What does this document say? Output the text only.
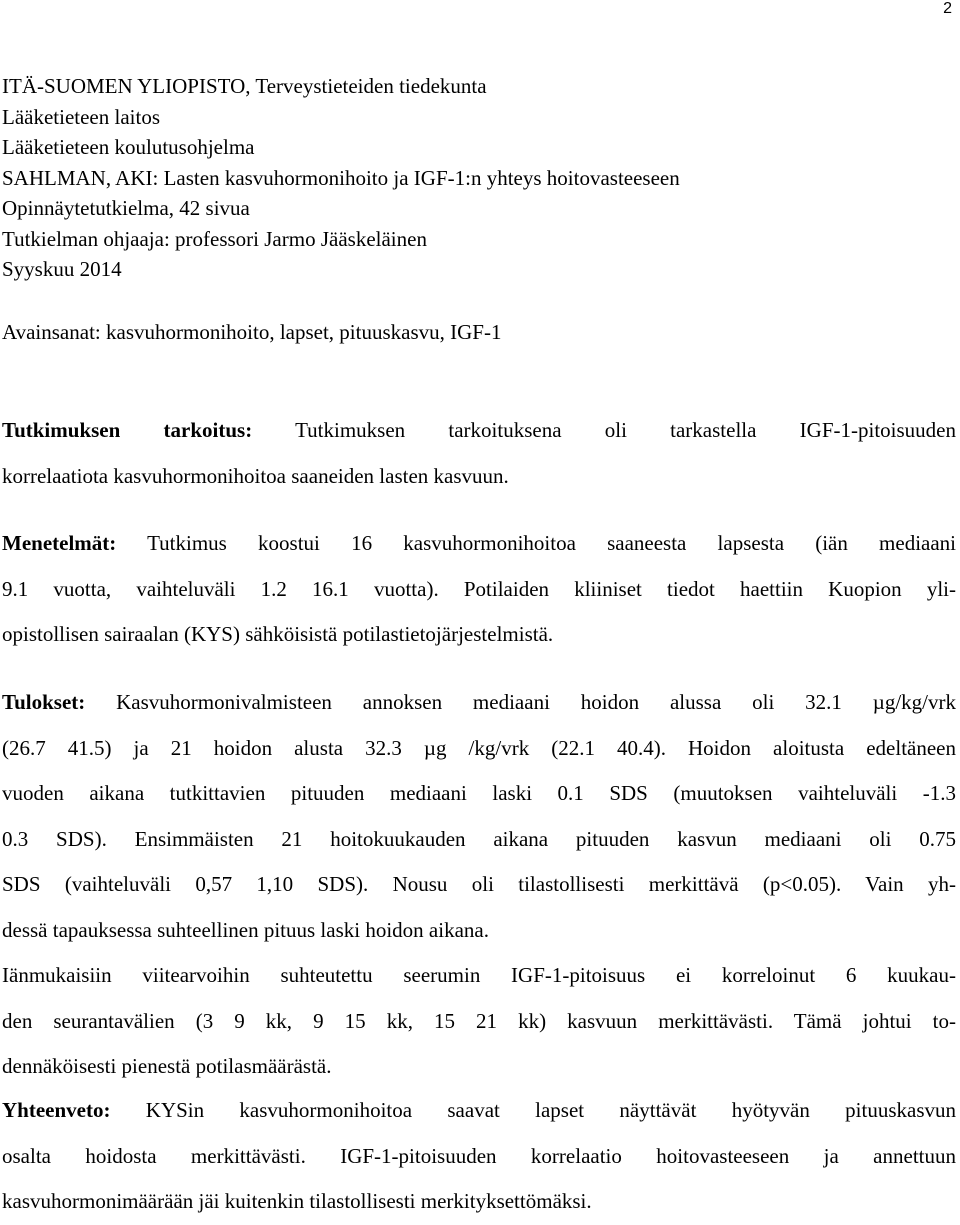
2
ITÄ-SUOMEN YLIOPISTO, Terveystieteiden tiedekunta
Lääketieteen laitos
Lääketieteen koulutusohjelma
SAHLMAN, AKI: Lasten kasvuhormonihoito ja IGF-1:n yhteys hoitovasteeseen
Opinnäytetutkielma, 42 sivua
Tutkielman ohjaaja: professori Jarmo Jääskeläinen
Syyskuu 2014
Avainsanat: kasvuhormonihoito, lapset, pituuskasvu, IGF-1
Tutkimuksen tarkoitus: Tutkimuksen tarkoituksena oli tarkastella IGF-1-pitoisuuden
korrelaatiota kasvuhormonihoitoa saaneiden lasten kasvuun.
Menetelmät: Tutkimus koostui 16 kasvuhormonihoitoa saaneesta lapsesta (iän mediaani
9.1 vuotta, vaihteluväli 1.2 16.1 vuotta). Potilaiden kliiniset tiedot haettiin Kuopion yli-
opistollisen sairaalan (KYS) sähköisistä potilastietojärjestelmistä.
Tulokset: Kasvuhormonivalmisteen annoksen mediaani hoidon alussa oli 32.1 µg/kg/vrk
(26.7 41.5) ja 21 hoidon alusta 32.3 µg /kg/vrk (22.1 40.4). Hoidon aloitusta edeltäneen
vuoden aikana tutkittavien pituuden mediaani laski 0.1 SDS (muutoksen vaihteluväli -1.3
0.3 SDS). Ensimmäisten 21 hoitokuukauden aikana pituuden kasvun mediaani oli 0.75
SDS (vaihteluväli 0,57 1,10 SDS). Nousu oli tilastollisesti merkittävä (p<0.05). Vain yh-
dessä tapauksessa suhteellinen pituus laski hoidon aikana.
Iänmukaisiin viitearvoihin suhteutettu seerumin IGF-1-pitoisuus ei korreloinut 6 kuukau-
den seurantavälien (3 9 kk, 9 15 kk, 15 21 kk) kasvuun merkittävästi. Tämä johtui to-
dennäköisesti pienestä potilasmäärästä.
Yhteenveto: KYSin kasvuhormonihoitoa saavat lapset näyttävät hyötyvän pituuskasvun
osalta hoidosta merkittävästi. IGF-1-pitoisuuden korrelaatio hoitovasteeseen ja annettuun
kasvuhormonimäärään jäi kuitenkin tilastollisesti merkityksettömäksi.
